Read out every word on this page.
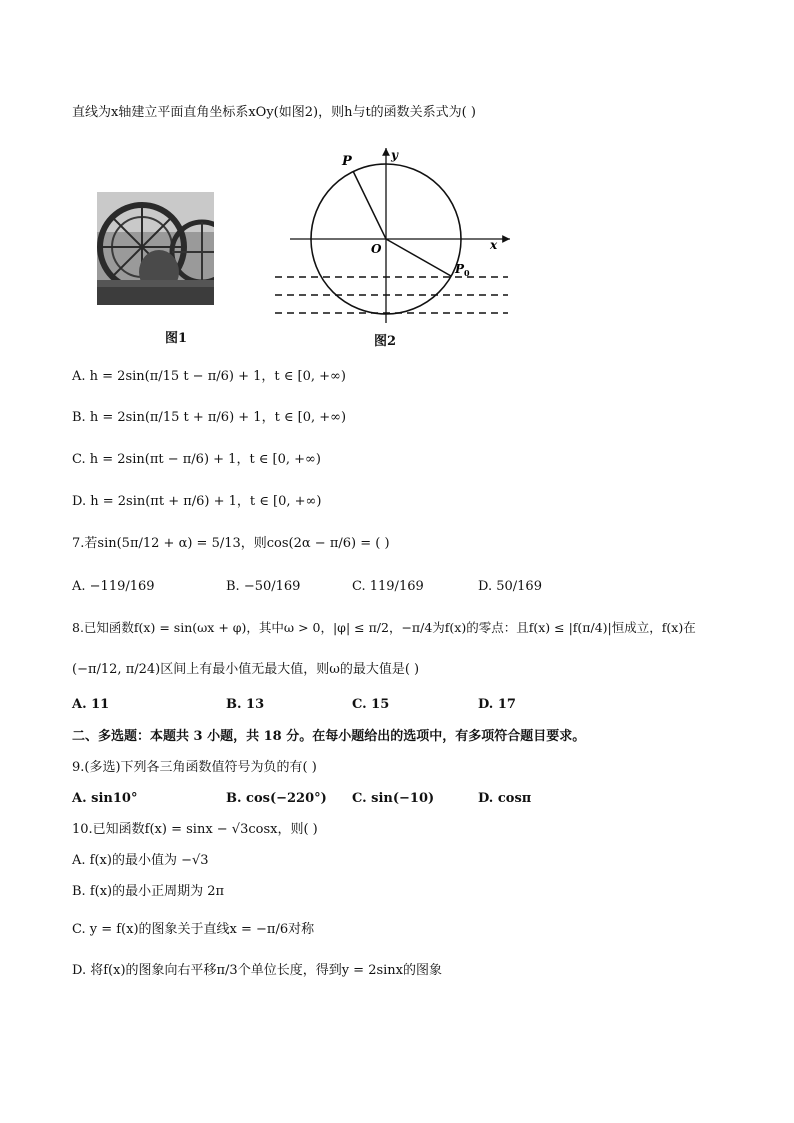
直线为x轴建立平面直角坐标系xOy(如图2)，则h与t的函数关系式为( )
图1
P	y
O	x
P 0
图2
A. h = 2sin(π/15 t − π/6) + 1，t ∈ [0, +∞)
B. h = 2sin(π/15 t + π/6) + 1，t ∈ [0, +∞)
C. h = 2sin(πt − π/6) + 1，t ∈ [0, +∞)
D. h = 2sin(πt + π/6) + 1，t ∈ [0, +∞)
7.若sin(5π/12 + α) = 5/13，则cos(2α − π/6) = ( )
A. −119/169	B. −50/169	C. 119/169	D. 50/169
8.已知函数f(x) = sin(ωx + φ)，其中ω > 0，|φ| ≤ π/2，−π/4为f(x)的零点：且f(x) ≤ |f(π/4)|恒成立，f(x)在
(−π/12, π/24)区间上有最小值无最大值，则ω的最大值是( )
A. 11	B. 13	C. 15	D. 17
二、多选题：本题共 3 小题，共 18 分。在每小题给出的选项中，有多项符合题目要求。
9.(多选)下列各三角函数值符号为负的有( )
A. sin10°	B. cos(−220°) C. sin(−10)	D. cosπ
10.已知函数f(x) = sinx − √3cosx，则( )
A. f(x)的最小值为 −√3
B. f(x)的最小正周期为 2π
C. y = f(x)的图象关于直线x = −π/6对称
D. 将f(x)的图象向右平移π/3个单位长度，得到y = 2sinx的图象
